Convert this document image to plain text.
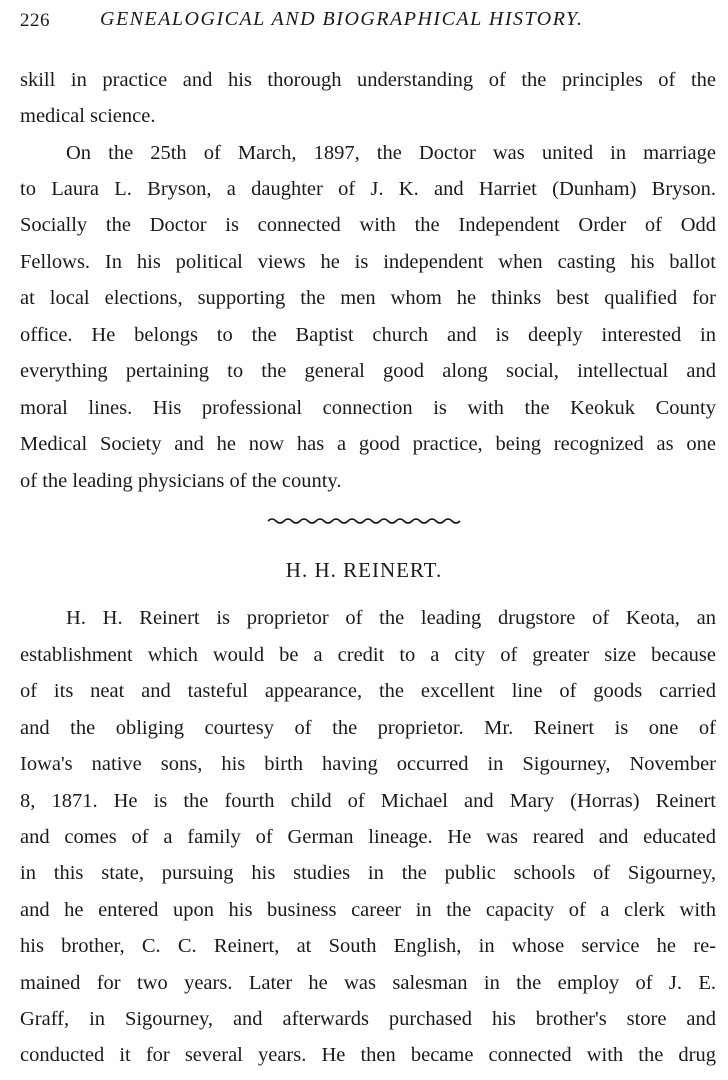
226	GENEALOGICAL AND BIOGRAPHICAL HISTORY.
skill in practice and his thorough understanding of the principles of the
medical science.
On the 25th of March, 1897, the Doctor was united in marriage
to Laura L. Bryson, a daughter of J. K. and Harriet (Dunham) Bryson.
Socially the Doctor is connected with the Independent Order of Odd
Fellows. In his political views he is independent when casting his ballot
at local elections, supporting the men whom he thinks best qualified for
office. He belongs to the Baptist church and is deeply interested in
everything pertaining to the general good along social, intellectual and
moral lines. His professional connection is with the Keokuk County
Medical Society and he now has a good practice, being recognized as one
of the leading physicians of the county.
H. H. REINERT.
H. H. Reinert is proprietor of the leading drugstore of Keota, an
establishment which would be a credit to a city of greater size because
of its neat and tasteful appearance, the excellent line of goods carried
and the obliging courtesy of the proprietor. Mr. Reinert is one of
Iowa's native sons, his birth having occurred in Sigourney, November
8, 1871. He is the fourth child of Michael and Mary (Horras) Reinert
and comes of a family of German lineage. He was reared and educated
in this state, pursuing his studies in the public schools of Sigourney,
and he entered upon his business career in the capacity of a clerk with
his brother, C. C. Reinert, at South English, in whose service he re-
mained for two years. Later he was salesman in the employ of J. E.
Graff, in Sigourney, and afterwards purchased his brother's store and
conducted it for several years. He then became connected with the drug
